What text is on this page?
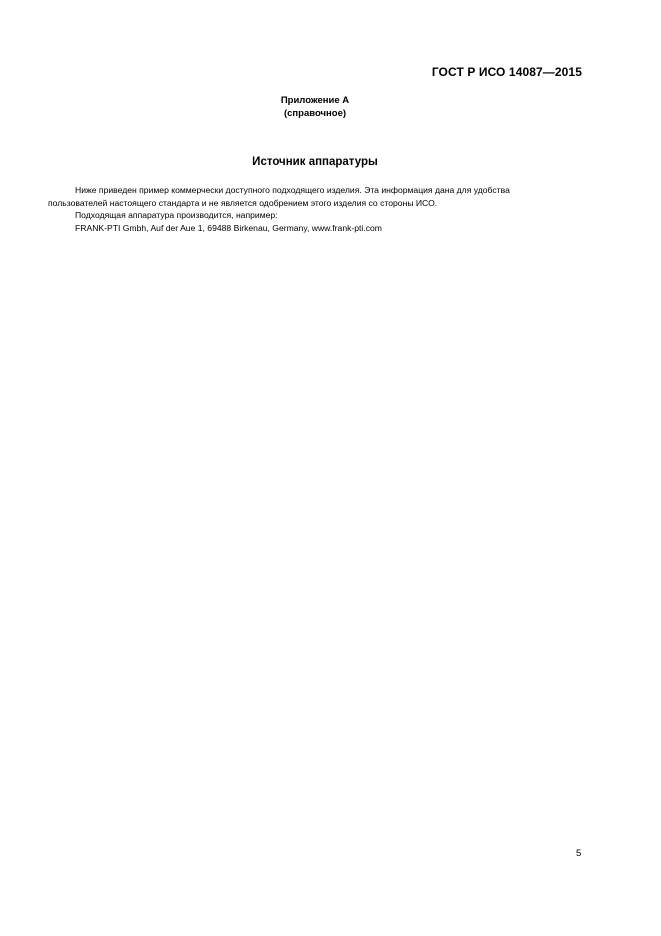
ГОСТ Р ИСО 14087—2015
Приложение А
(справочное)
Источник аппаратуры

Ниже приведен пример коммерчески доступного подходящего изделия. Эта информация дана для удобства

пользователей настоящего стандарта и не является одобрением этого изделия со стороны ИСО.

Подходящая аппаратура производится, например:

FRANK-PTI Gmbh, Auf der Aue 1, 69488 Birkenau, Germany, www.frank-pti.com

5
